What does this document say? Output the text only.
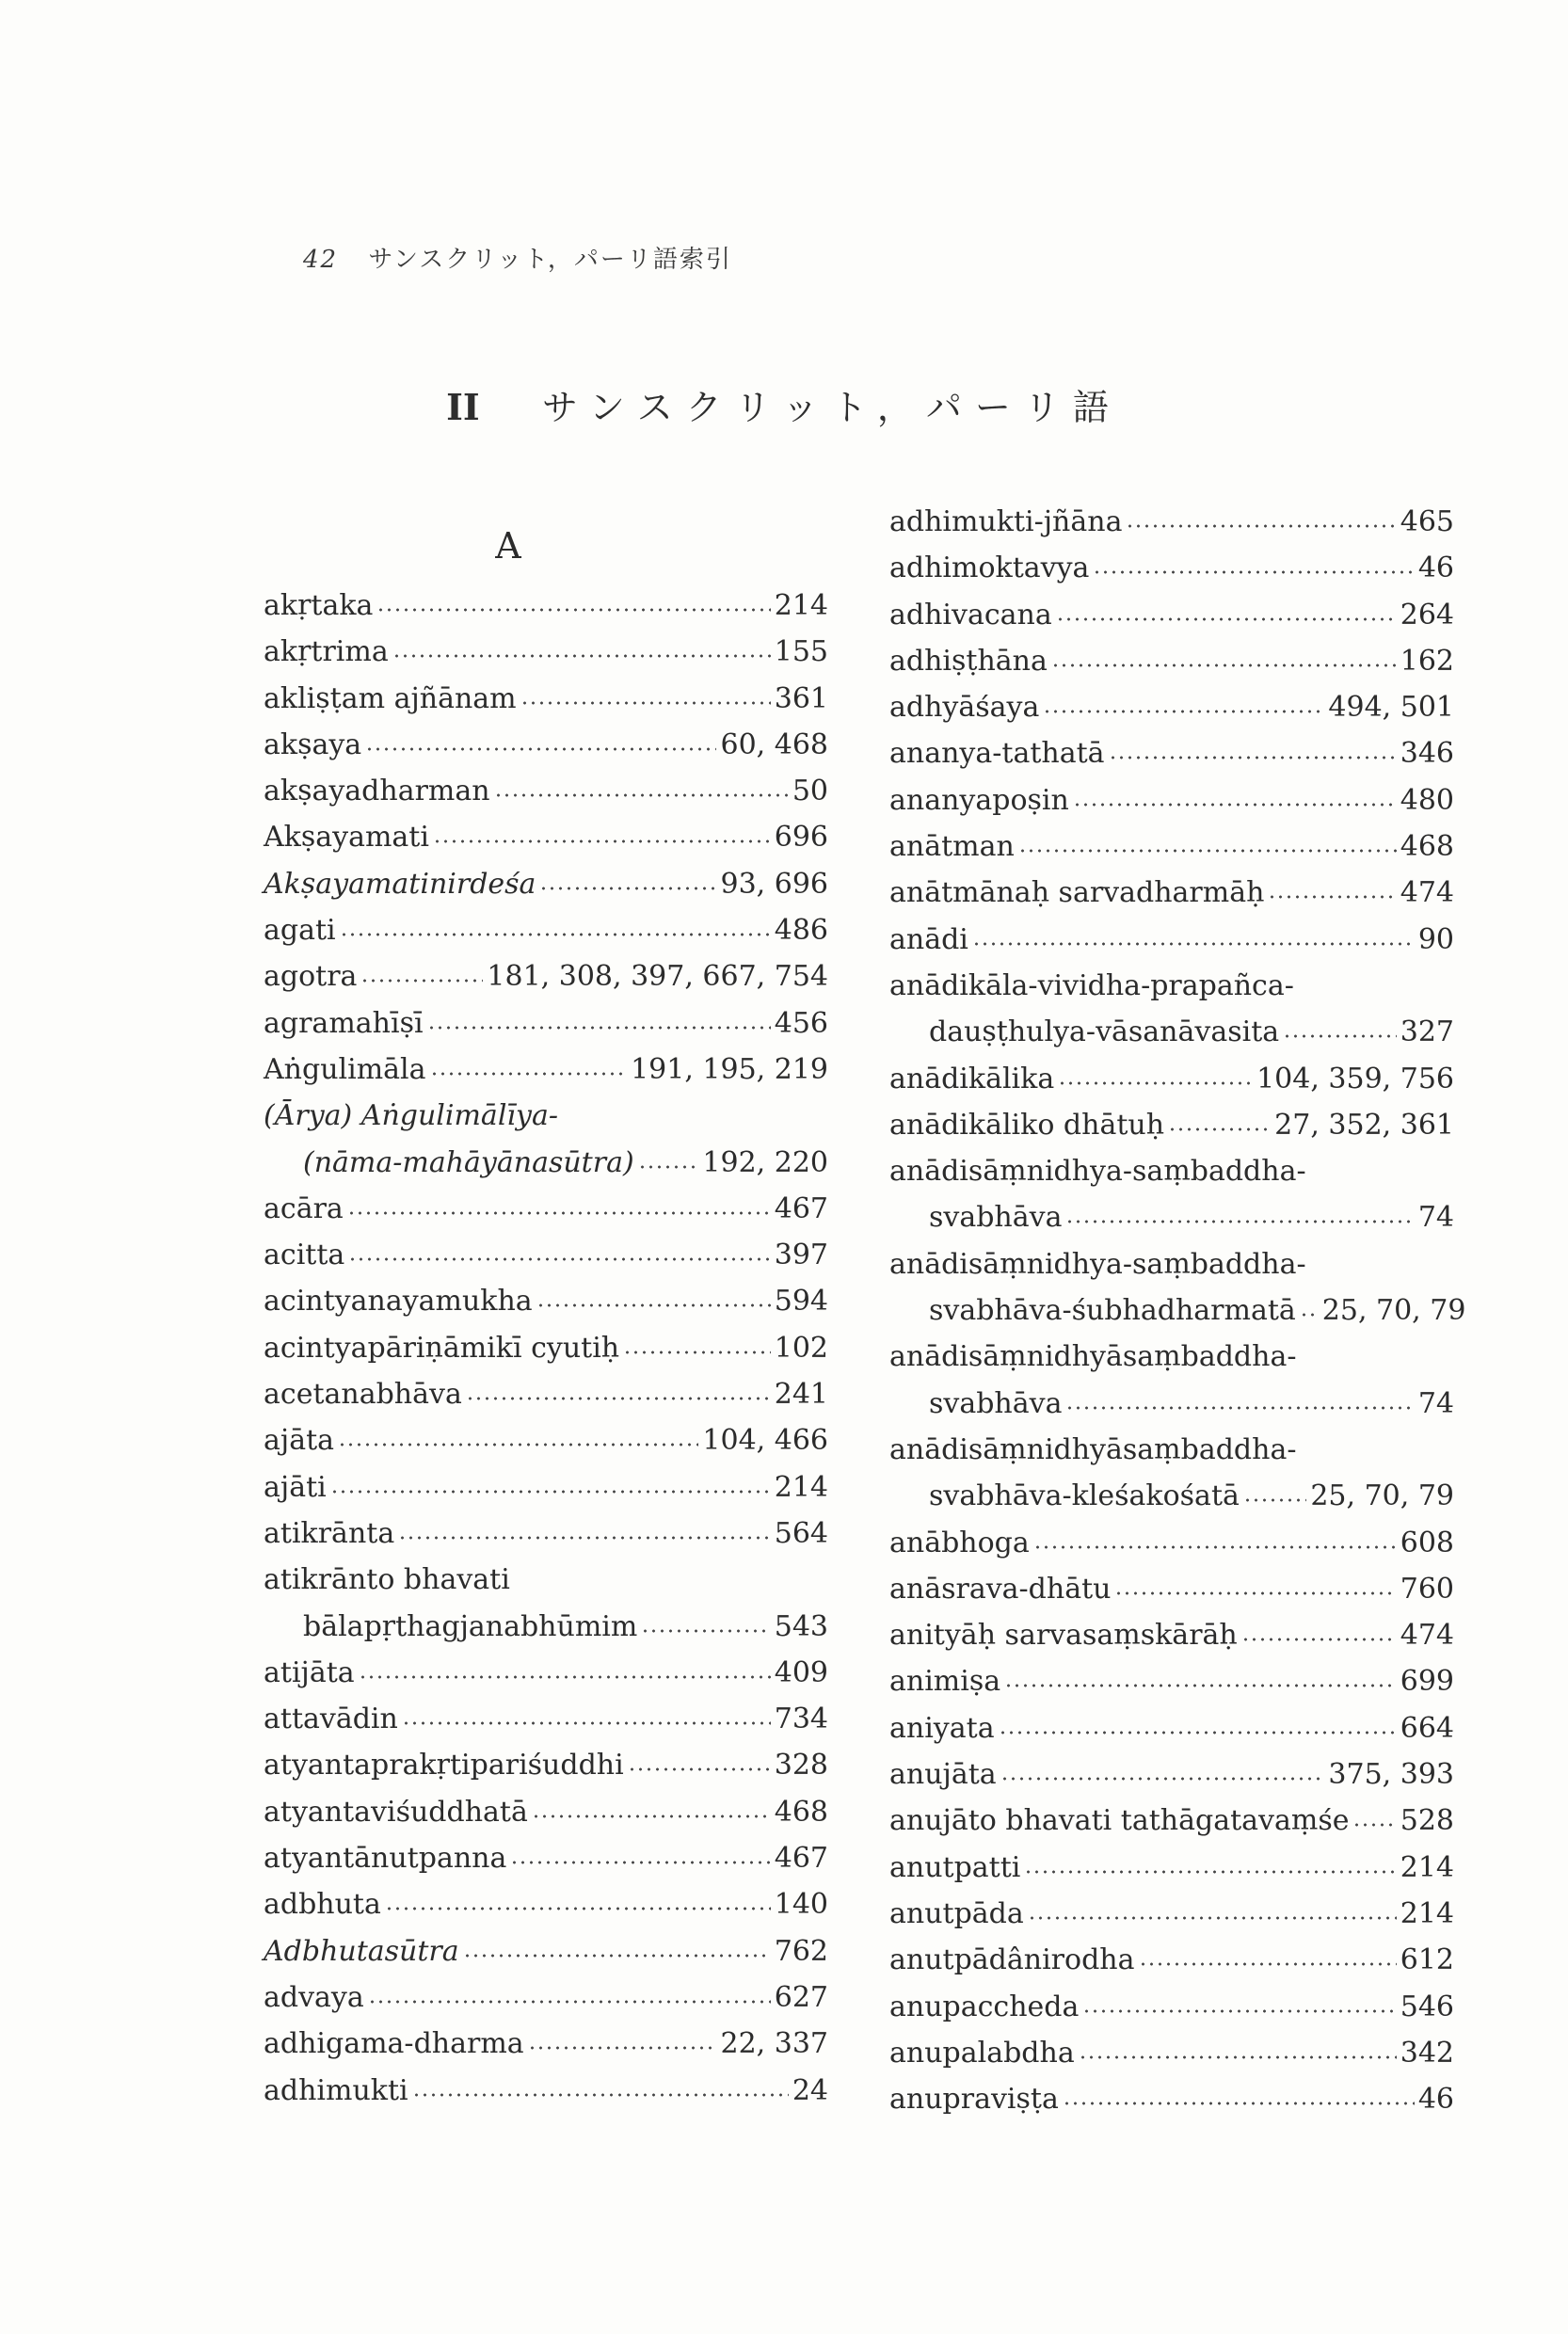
42 サンスクリット，パーリ語索引
II サンスクリット，パーリ語
A
akṛtaka	214
akṛtrima	155
akliṣṭam ajñānam	361
akṣaya	60, 468
akṣayadharman	50
Akṣayamati	696
Akṣayamatinirdeśa	93, 696
agati	486
agotra	181, 308, 397, 667, 754
agramahīṣī	456
Aṅgulimāla	191, 195, 219
(Ārya) Aṅgulimālīya-
(nāma-mahāyānasūtra) 192, 220
acāra	467
acitta	397
acintyanayamukha	594
acintyapāriṇāmikī cyutiḥ	102
acetanabhāva	241
ajāta	104, 466
ajāti	214
atikrānta	564
atikrānto bhavati
bālapṛthagjanabhūmim	543
atijāta	409
attavādin	734
atyantaprakṛtipariśuddhi	328
atyantaviśuddhatā	468
atyantānutpanna	467
adbhuta	140
Adbhutasūtra	762
advaya	627
adhigama-dharma	22, 337
adhimukti	24
adhimukti-jñāna	465
adhimoktavya	46
adhivacana	264
adhiṣṭhāna	162
adhyāśaya	494, 501
ananya-tathatā	346
ananyapoṣin	480
anātman	468
anātmānaḥ sarvadharmāḥ	474
anādi	90
anādikāla-vividha-prapañca-
dauṣṭhulya-vāsanāvasita	327
anādikālika	104, 359, 756
anādikāliko dhātuḥ	27, 352, 361
anādisāṃnidhya-saṃbaddha-
svabhāva	74
anādisāṃnidhya-saṃbaddha-
svabhāva-śubhadharmatā 25, 70, 79
anādisāṃnidhyāsaṃbaddha-
svabhāva	74
anādisāṃnidhyāsaṃbaddha-
svabhāva-kleśakośatā	25, 70, 79
anābhoga	608
anāsrava-dhātu	760
anityāḥ sarvasaṃskārāḥ	474
animiṣa	699
aniyata	664
anujāta	375, 393
anujāto bhavati tathāgatavaṃśe 528
anutpatti	214
anutpāda	214
anutpādânirodha	612
anupaccheda	546
anupalabdha	342
anupraviṣṭa	46
